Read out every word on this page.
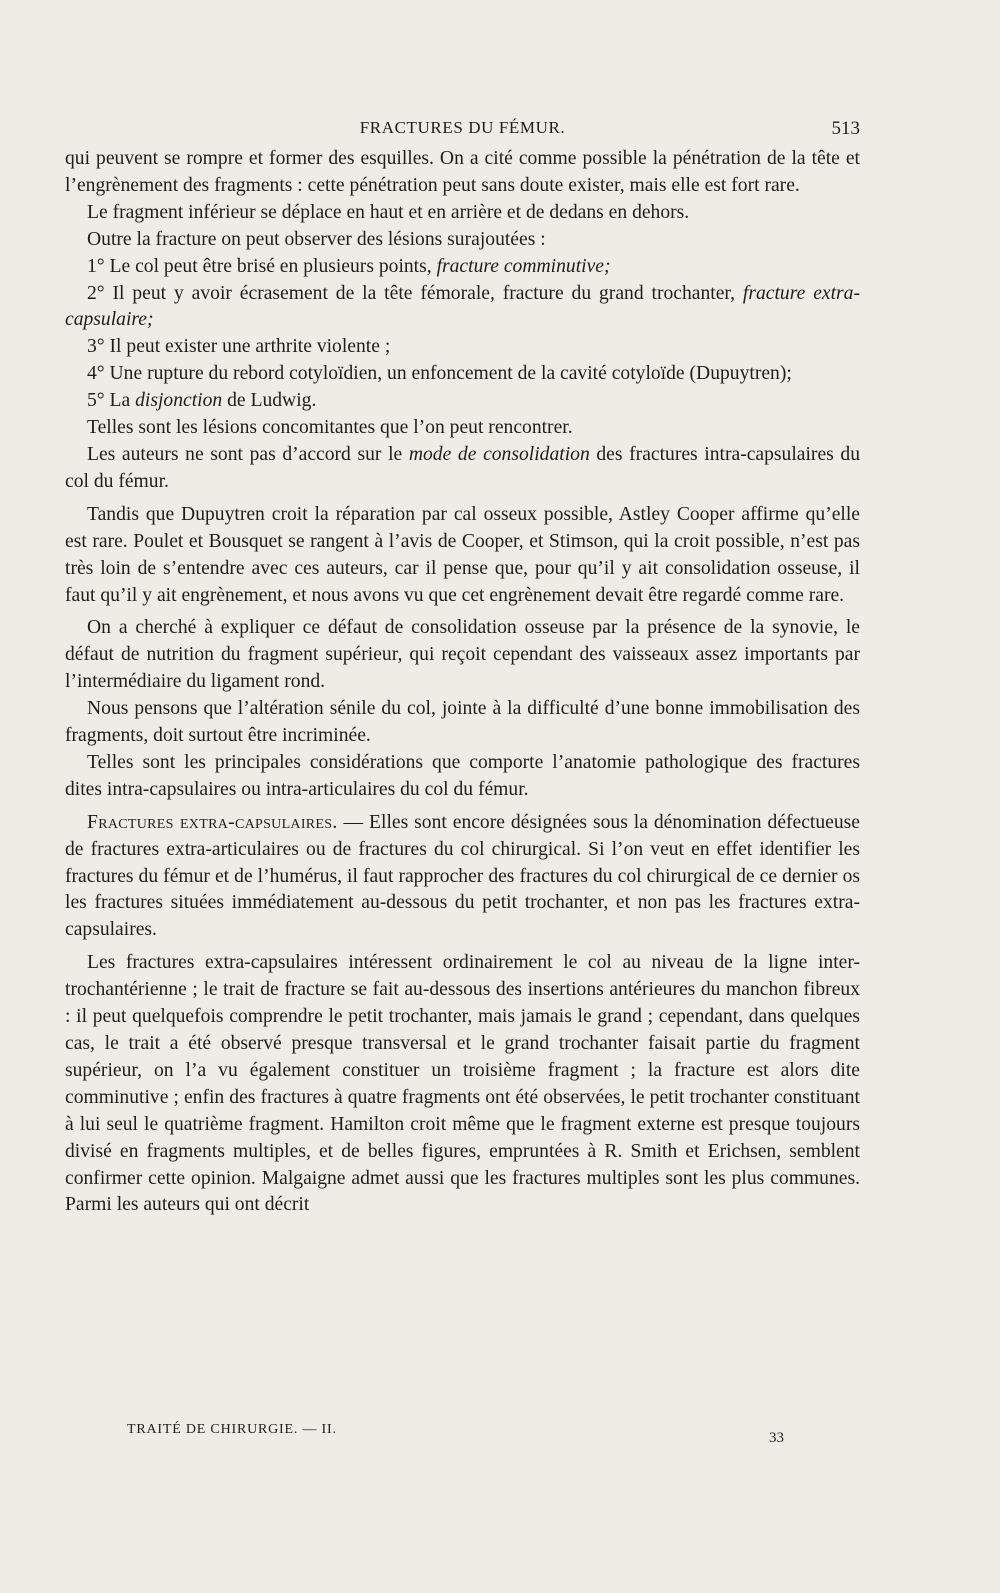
FRACTURES DU FÉMUR.	513

qui peuvent se rompre et former des esquilles. On a cité comme possible la pénétration de la tête et l’engrènement des fragments : cette pénétration peut sans doute exister, mais elle est fort rare.

Le fragment inférieur se déplace en haut et en arrière et de dedans en dehors.

Outre la fracture on peut observer des lésions surajoutées :

1° Le col peut être brisé en plusieurs points, fracture comminutive;

2° Il peut y avoir écrasement de la tête fémorale, fracture du grand trochanter, fracture extra-capsulaire;

3° Il peut exister une arthrite violente ;

4° Une rupture du rebord cotyloïdien, un enfoncement de la cavité cotyloïde (Dupuytren);

5° La disjonction de Ludwig.

Telles sont les lésions concomitantes que l’on peut rencontrer.

Les auteurs ne sont pas d’accord sur le mode de consolidation des fractures intra-capsulaires du col du fémur.

Tandis que Dupuytren croit la réparation par cal osseux possible, Astley Cooper affirme qu’elle est rare. Poulet et Bousquet se rangent à l’avis de Cooper, et Stimson, qui la croit possible, n’est pas très loin de s’entendre avec ces auteurs, car il pense que, pour qu’il y ait consolidation osseuse, il faut qu’il y ait engrènement, et nous avons vu que cet engrènement devait être regardé comme rare.

On a cherché à expliquer ce défaut de consolidation osseuse par la présence de la synovie, le défaut de nutrition du fragment supérieur, qui reçoit cependant des vaisseaux assez importants par l’intermédiaire du ligament rond.

Nous pensons que l’altération sénile du col, jointe à la difficulté d’une bonne immobilisation des fragments, doit surtout être incriminée.

Telles sont les principales considérations que comporte l’anatomie pathologique des fractures dites intra-capsulaires ou intra-articulaires du col du fémur.

Fractures extra-capsulaires. — Elles sont encore désignées sous la dénomination défectueuse de fractures extra-articulaires ou de fractures du col chirurgical. Si l’on veut en effet identifier les fractures du fémur et de l’humérus, il faut rapprocher des fractures du col chirurgical de ce dernier os les fractures situées immédiatement au-dessous du petit trochanter, et non pas les fractures extra-capsulaires.

Les fractures extra-capsulaires intéressent ordinairement le col au niveau de la ligne inter-trochantérienne ; le trait de fracture se fait au-dessous des insertions antérieures du manchon fibreux : il peut quelquefois comprendre le petit trochanter, mais jamais le grand ; cependant, dans quelques cas, le trait a été observé presque transversal et le grand trochanter faisait partie du fragment supérieur, on l’a vu également constituer un troisième fragment ; la fracture est alors dite comminutive ; enfin des fractures à quatre fragments ont été observées, le petit trochanter constituant à lui seul le quatrième fragment. Hamilton croit même que le fragment externe est presque toujours divisé en fragments multiples, et de belles figures, empruntées à R. Smith et Erichsen, semblent confirmer cette opinion. Malgaigne admet aussi que les fractures multiples sont les plus communes. Parmi les auteurs qui ont décrit

TRAITÉ DE CHIRURGIE. — II.
33
